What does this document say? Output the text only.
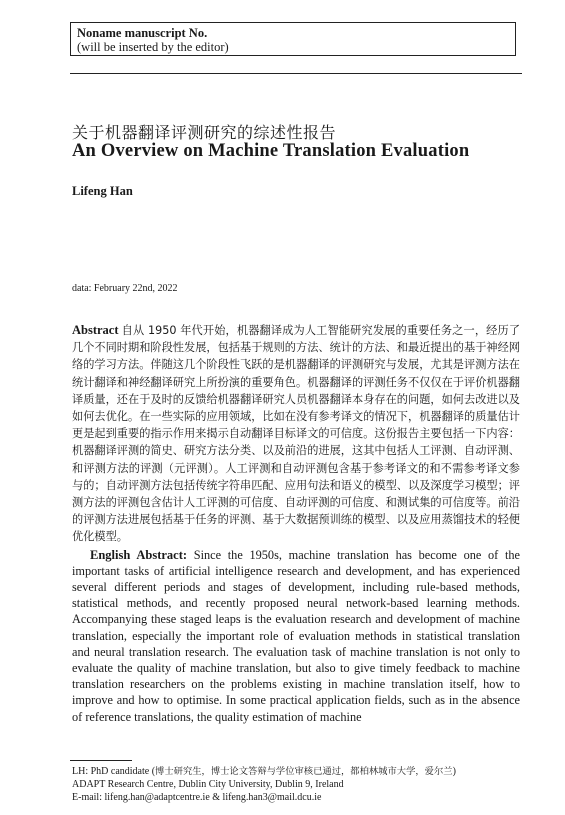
Noname manuscript No.
(will be inserted by the editor)
关于机器翻译评测研究的综述性报告
An Overview on Machine Translation Evaluation
Lifeng Han
data: February 22nd, 2022

Abstract 自从 1950 年代开始，机器翻译成为人工智能研究发展的重要任务之一，经历了几个不同时期和阶段性发展，包括基于规则的方法、统计的方法、和最近提出的基于神经网络的学习方法。伴随这几个阶段性飞跃的是机器翻译的评测研究与发展，尤其是评测方法在统计翻译和神经翻译研究上所扮演的重要角色。机器翻译的评测任务不仅仅在于评价机器翻译质量，还在于及时的反馈给机器翻译研究人员机器翻译本身存在的问题，如何去改进以及如何去优化。在一些实际的应用领域，比如在没有参考译文的情况下，机器翻译的质量估计更是起到重要的指示作用来揭示自动翻译目标译文的可信度。这份报告主要包括一下内容：机器翻译评测的简史、研究方法分类、以及前沿的进展，这其中包括人工评测、自动评测、和评测方法的评测（元评测）。人工评测和自动评测包含基于参考译文的和不需参考译文参与的；自动评测方法包括传统字符串匹配、应用句法和语义的模型、以及深度学习模型；评测方法的评测包含估计人工评测的可信度、自动评测的可信度、和测试集的可信度等。前沿的评测方法进展包括基于任务的评测、基于大数据预训练的模型、以及应用蒸馏技术的轻便优化模型。

English Abstract: Since the 1950s, machine translation has become one of the important tasks of artificial intelligence research and development, and has experienced several different periods and stages of development, including rule-based methods, statistical methods, and recently proposed neural network-based learning methods. Accompanying these staged leaps is the evaluation research and development of machine translation, especially the important role of evaluation methods in statistical translation and neural translation research. The evaluation task of machine translation is not only to evaluate the quality of machine translation, but also to give timely feedback to machine translation researchers on the problems existing in machine translation itself, how to improve and how to optimise. In some practical application fields, such as in the absence of reference translations, the quality estimation of machine

LH: PhD candidate (博士研究生，博士论文答辩与学位审核已通过，都柏林城市大学，爱尔兰)
ADAPT Research Centre, Dublin City University, Dublin 9, Ireland
E-mail: lifeng.han@adaptcentre.ie & lifeng.han3@mail.dcu.ie
